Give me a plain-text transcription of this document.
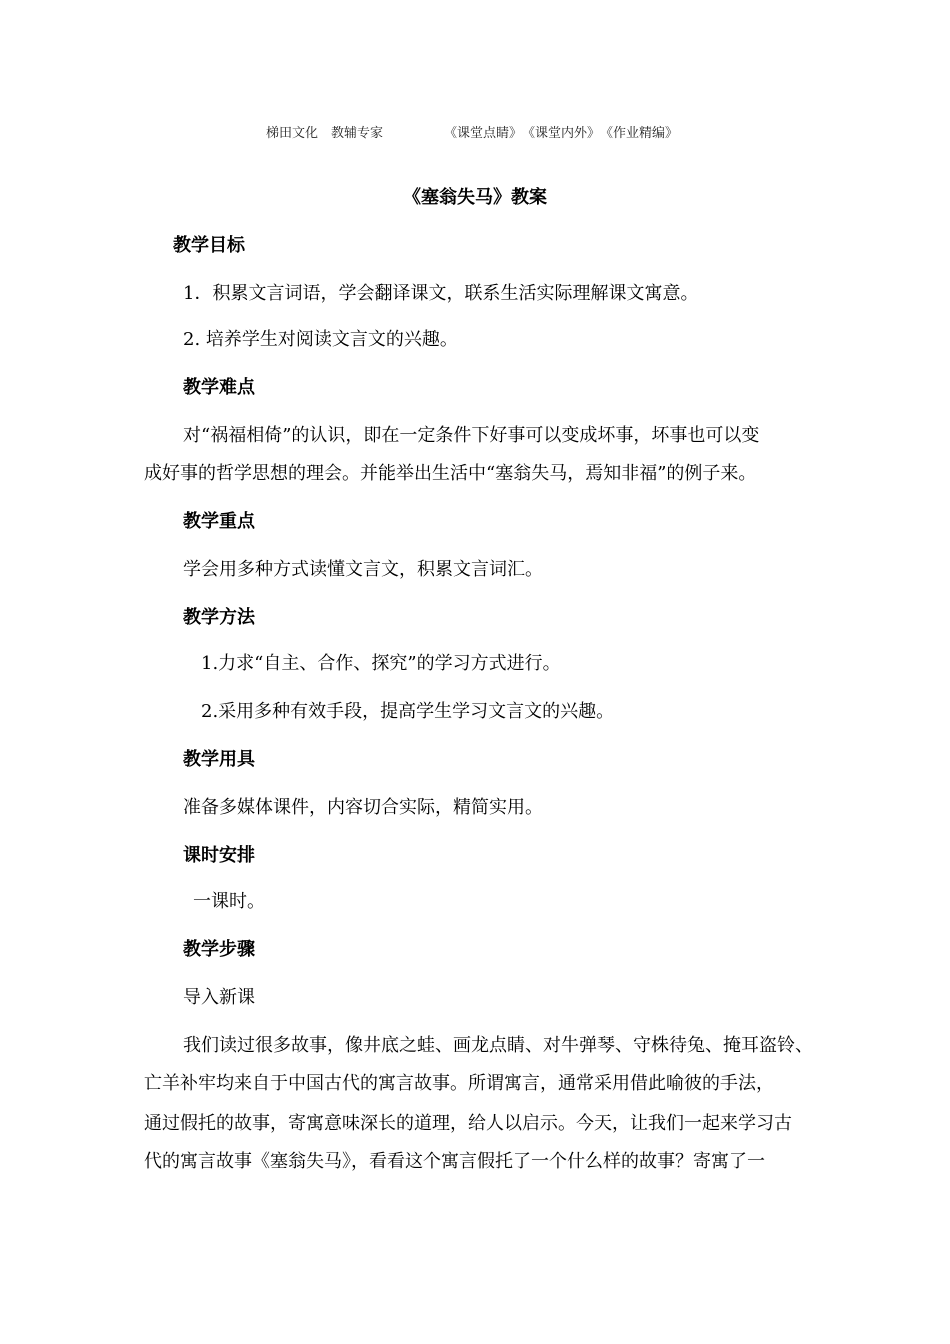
梯田文化　教辅专家	《课堂点睛》　《课堂内外》　《作业精编》
《塞翁失马》教案
教学目标
1．积累文言词语，学会翻译课文，联系生活实际理解课文寓意。
2. 培养学生对阅读文言文的兴趣。
教学难点
对“祸福相倚”的认识，即在一定条件下好事可以变成坏事，坏事也可以变
成好事的哲学思想的理会。并能举出生活中“塞翁失马，焉知非福”的例子来。
教学重点
学会用多种方式读懂文言文，积累文言词汇。
教学方法
1.力求“自主、合作、探究”的学习方式进行。
2.采用多种有效手段，提高学生学习文言文的兴趣。
教学用具
准备多媒体课件，内容切合实际，精简实用。
课时安排
一课时。
教学步骤
导入新课
我们读过很多故事，像井底之蛙、画龙点睛、对牛弹琴、守株待兔、掩耳盗铃、
亡羊补牢均来自于中国古代的寓言故事。所谓寓言，通常采用借此喻彼的手法，
通过假托的故事，寄寓意味深长的道理，给人以启示。今天，让我们一起来学习古
代的寓言故事《塞翁失马》，看看这个寓言假托了一个什么样的故事？寄寓了一
